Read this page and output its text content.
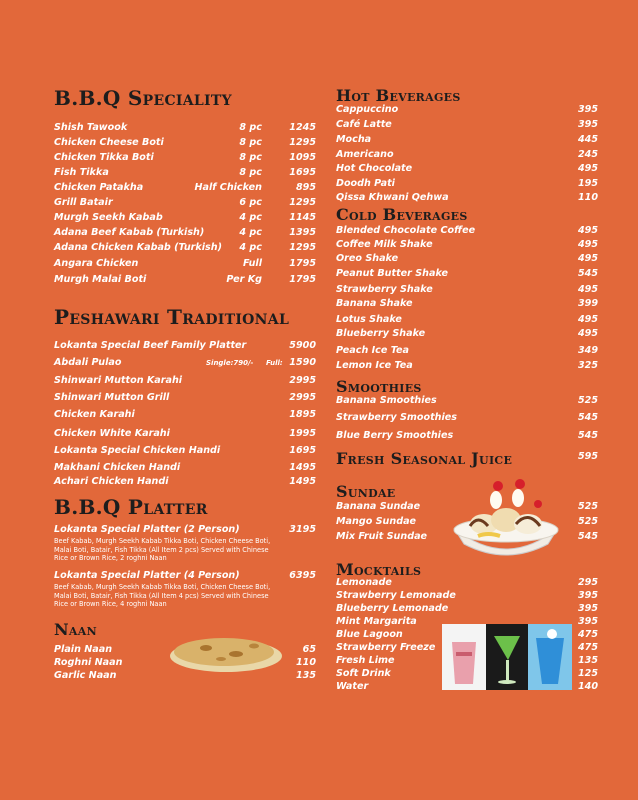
B.B.Q Speciality
Shish Tawook	8 pc	1245
Chicken Cheese Boti	8 pc	1295
Chicken Tikka Boti	8 pc	1095
Fish Tikka	8 pc	1695
Chicken Patakha	Half Chicken	895
Grill Batair	6 pc	1295
Murgh Seekh Kabab	4 pc	1145
Adana Beef Kabab (Turkish)	4 pc	1395
Adana Chicken Kabab (Turkish) 4 pc	1295
Angara Chicken	Full	1795
Murgh Malai Boti	Per Kg	1795
Peshawari Traditional
Lokanta Special Beef Family Platter	5900
Abdali Pulao	Single:790/- Full: 1590
Shinwari Mutton Karahi	2995
Shinwari Mutton Grill	2995
Chicken Karahi	1895
Chicken White Karahi	1995
Lokanta Special Chicken Handi	1695
Makhani Chicken Handi	1495
Achari Chicken Handi	1495
B.B.Q Platter
Lokanta Special Platter (2 Person)	3195
Beef Kabab, Murgh Seekh Kabab Tikka Boti, Chicken Cheese Boti, Malai Boti, Batair, Fish Tikka (All Item 2 pcs) Served with Chinese Rice or Brown Rice, 2 roghni Naan
Lokanta Special Platter (4 Person)	6395
Beef Kabab, Murgh Seekh Kabab Tikka Boti, Chicken Cheese Boti, Malai Boti, Batair, Fish Tikka (All Item 4 pcs) Served with Chinese Rice or Brown Rice, 4 roghni Naan
Naan
Plain Naan	65
Roghni Naan	110
Garlic Naan	135
Hot Beverages
Cappuccino	395
Café Latte	395
Mocha	445
Americano	245
Hot Chocolate	495
Doodh Pati	195
Qissa Khwani Qehwa	110
Cold Beverages
Blended Chocolate Coffee	495
Coffee Milk Shake	495
Oreo Shake	495
Peanut Butter Shake	545
Strawberry Shake	495
Banana Shake	399
Lotus Shake	495
Blueberry Shake	495
Peach Ice Tea	349
Lemon Ice Tea	325
Smoothies
Banana Smoothies	525
Strawberry Smoothies	545
Blue Berry Smoothies	545
Fresh Seasonal Juice	595
Sundae
Banana Sundae	525
Mango Sundae	525
Mix Fruit Sundae	545
Mocktails
Lemonade	295
Strawberry Lemonade	395
Blueberry Lemonade	395
Mint Margarita	395
Blue Lagoon	475
Strawberry Freeze	475
Fresh Lime	135
Soft Drink	125
Water	140
